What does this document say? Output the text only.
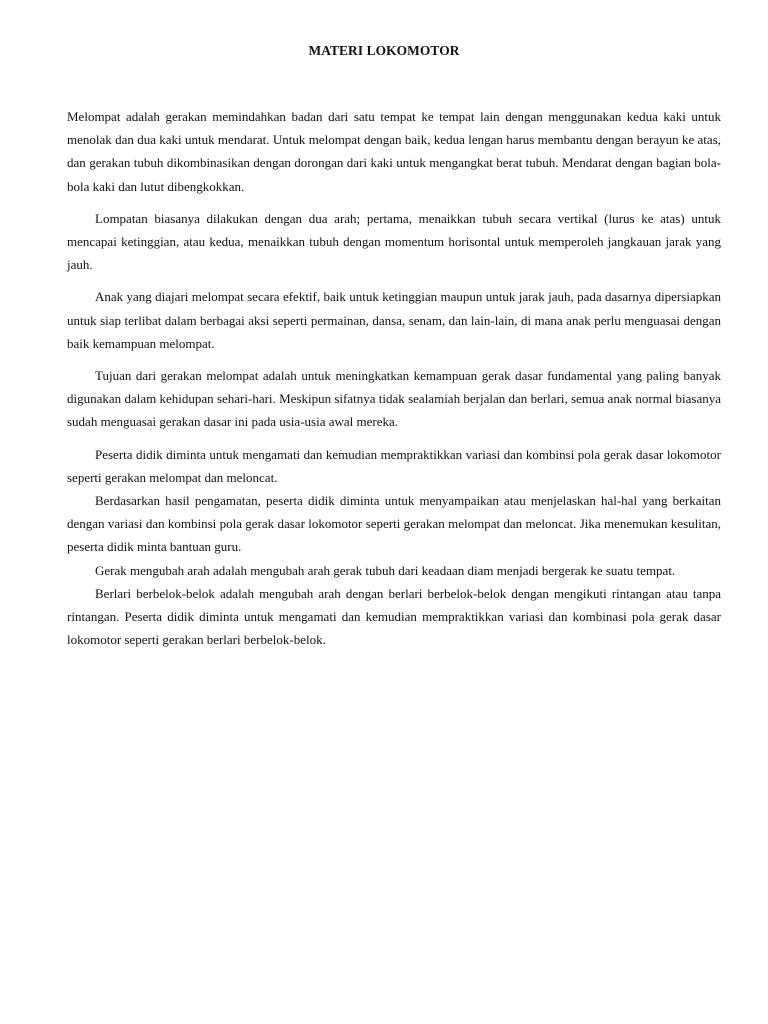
MATERI LOKOMOTOR

Melompat adalah gerakan memindahkan badan dari satu tempat ke tempat lain dengan menggunakan kedua kaki untuk menolak dan dua kaki untuk mendarat. Untuk melompat dengan baik, kedua lengan harus membantu dengan berayun ke atas, dan gerakan tubuh dikombinasikan dengan dorongan dari kaki untuk mengangkat berat tubuh. Mendarat dengan bagian bola-bola kaki dan lutut dibengkokkan.

Lompatan biasanya dilakukan dengan dua arah; pertama, menaikkan tubuh secara vertikal (lurus ke atas) untuk mencapai ketinggian, atau kedua, menaikkan tubuh dengan momentum horisontal untuk memperoleh jangkauan jarak yang jauh.

Anak yang diajari melompat secara efektif, baik untuk ketinggian maupun untuk jarak jauh, pada dasarnya dipersiapkan untuk siap terlibat dalam berbagai aksi seperti permainan, dansa, senam, dan lain-lain, di mana anak perlu menguasai dengan baik kemampuan melompat.

Tujuan dari gerakan melompat adalah untuk meningkatkan kemampuan gerak dasar fundamental yang paling banyak digunakan dalam kehidupan sehari-hari. Meskipun sifatnya tidak sealamiah berjalan dan berlari, semua anak normal biasanya sudah menguasai gerakan dasar ini pada usia-usia awal mereka.

Peserta didik diminta untuk mengamati dan kemudian mempraktikkan variasi dan kombinsi pola gerak dasar lokomotor seperti gerakan melompat dan meloncat.

Berdasarkan hasil pengamatan, peserta didik diminta untuk menyampaikan atau menjelaskan hal-hal yang berkaitan dengan variasi dan kombinsi pola gerak dasar lokomotor seperti gerakan melompat dan meloncat. Jika menemukan kesulitan, peserta didik minta bantuan guru.

Gerak mengubah arah adalah mengubah arah gerak tubuh dari keadaan diam menjadi bergerak ke suatu tempat.

Berlari berbelok-belok adalah mengubah arah dengan berlari berbelok-belok dengan mengikuti rintangan atau tanpa rintangan. Peserta didik diminta untuk mengamati dan kemudian mempraktikkan variasi dan kombinasi pola gerak dasar lokomotor seperti gerakan berlari berbelok-belok.
